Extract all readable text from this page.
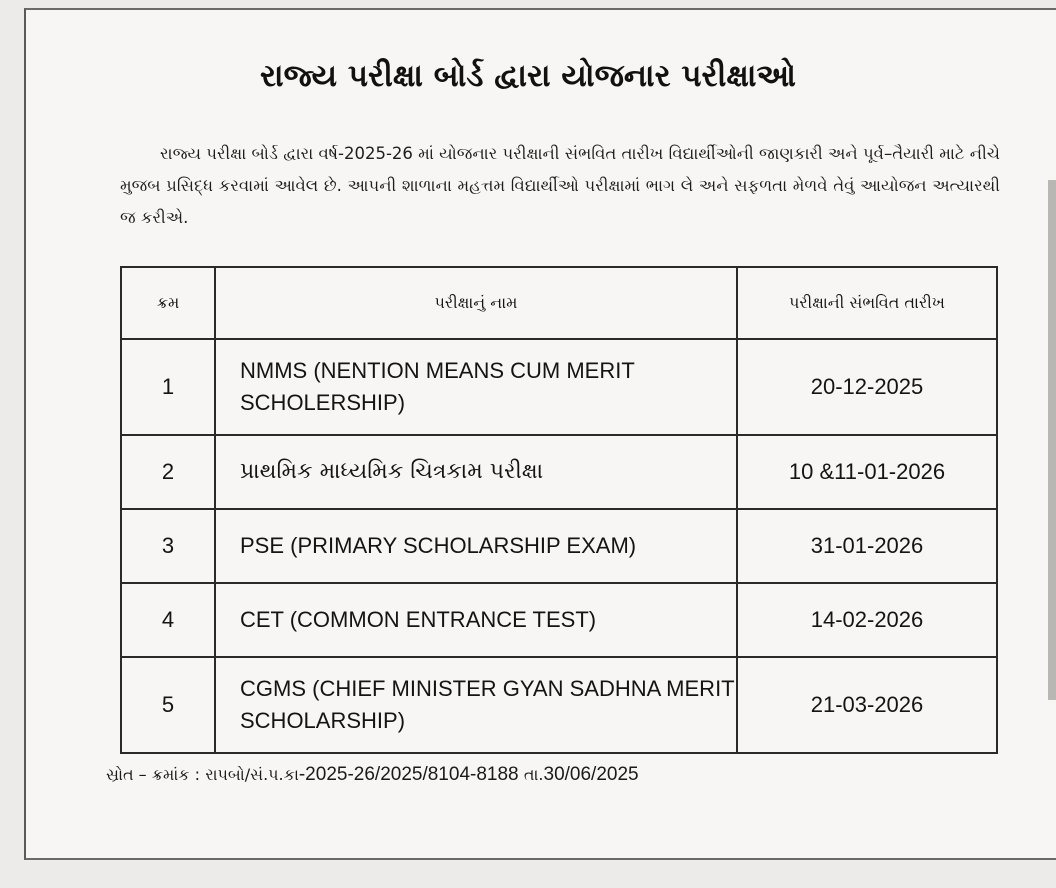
રાજ્ય પરીક્ષા બોર્ડ દ્વારા યોજનાર પરીક્ષાઓ
રાજ્ય પરીક્ષા બોર્ડ દ્વારા વર્ષ-2025-26 માં યોજનાર પરીક્ષાની સંભવિત તારીખ વિદ્યાર્થીઓની જાણકારી અને પૂર્વ–તૈયારી માટે નીચે મુજબ પ્રસિદ્ધ કરવામાં આવેલ છે. આપની શાળાના મહત્તમ વિદ્યાર્થીઓ પરીક્ષામાં ભાગ લે અને સફળતા મેળવે તેવું આયોજન અત્યારથી જ કરીએ.
ક્રમ	પરીક્ષાનું નામ	પરીક્ષાની સંભવિત તારીખ
1	NMMS (NENTION MEANS CUM MERIT SCHOLERSHIP)	20-12-2025
2	પ્રાથમિક માધ્યમિક ચિત્રકામ પરીક્ષા	10 &11-01-2026
3	PSE (PRIMARY SCHOLARSHIP EXAM)	31-01-2026
4	CET (COMMON ENTRANCE TEST)	14-02-2026
5	CGMS (CHIEF MINISTER GYAN SADHNA MERIT SCHOLARSHIP)	21-03-2026
સ્રોત – ક્રમાંક : રાપબો/સં.પ.કા-2025-26/2025/8104-8188 તા.30/06/2025
